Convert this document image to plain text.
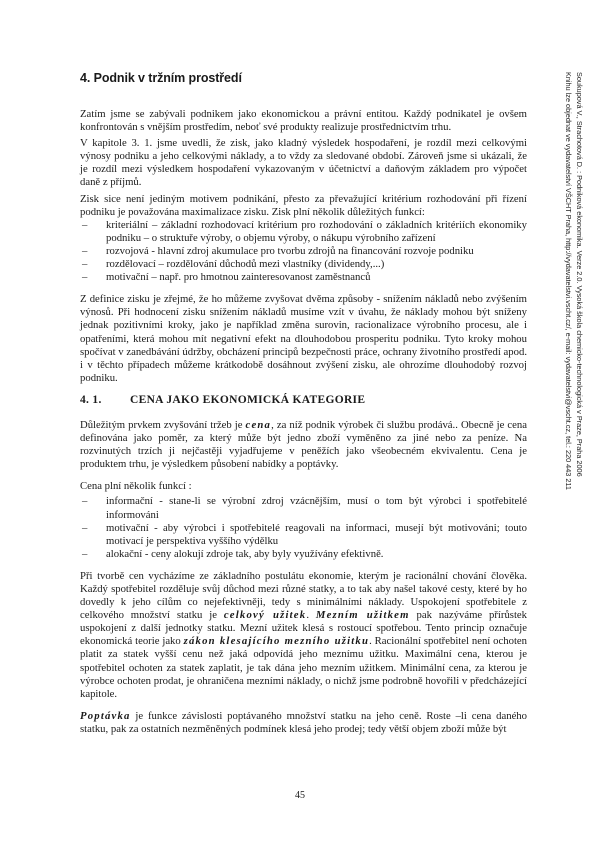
4. Podnik v tržním prostředí

Zatím jsme se zabývali podnikem jako ekonomickou a právní entitou. Každý podnikatel je ovšem konfrontován s vnějším prostředím, neboť své produkty realizuje prostřednictvím trhu.

V kapitole 3. 1. jsme uvedli, že zisk, jako kladný výsledek hospodaření, je rozdíl mezi celkovými výnosy podniku a jeho celkovými náklady, a to vždy za sledované období. Zároveň jsme si ukázali, že je rozdíl mezi výsledkem hospodaření vykazovaným v účetnictví a daňovým základem pro výpočet daně z příjmů.

Zisk sice není jediným motivem podnikání, přesto za převažující kritérium rozhodování při řízení podniku je považována maximalizace zisku. Zisk plní několik důležitých funkcí:

– kriteriální – základní rozhodovací kritérium pro rozhodování o základních kritériích ekonomiky podniku – o struktuře výroby, o objemu výroby, o nákupu výrobního zařízení
– rozvojová - hlavní zdroj akumulace pro tvorbu zdrojů na financování rozvoje podniku
– rozdělovací – rozdělování důchodů mezi vlastníky (dividendy,...)
– motivační – např. pro hmotnou zainteresovanost zaměstnanců

Z definice zisku je zřejmé, že ho můžeme zvyšovat dvěma způsoby - snížením nákladů nebo zvýšením výnosů. Při hodnocení zisku snížením nákladů musíme vzít v úvahu, že náklady mohou být sníženy jednak pozitivními kroky, jako je například změna surovin, racionalizace výrobního procesu, ale i opatřeními, která mohou mít negativní efekt na dlouhodobou prosperitu podniku. Tyto kroky mohou spočívat v zanedbávání údržby, obcházení principů bezpečnosti práce, ochrany životního prostředí apod. i v těchto případech můžeme krátkodobě dosáhnout zvýšení zisku, ale ohrozíme dlouhodobý rozvoj podniku.

4. 1. CENA JAKO EKONOMICKÁ KATEGORIE

Důležitým prvkem zvyšování tržeb je cena, za níž podnik výrobek či službu prodává.. Obecně je cena definována jako poměr, za který může být jedno zboží vyměněno za jiné nebo za peníze. Na rozvinutých trzích ji nejčastěji vyjadřujeme v peněžích jako všeobecném ekvivalentu. Cena je produktem trhu, je výsledkem působení nabídky a poptávky.

Cena plní několik funkcí :

– informační - stane-li se výrobní zdroj vzácnějším, musí o tom být výrobci i spotřebitelé informováni
– motivační - aby výrobci i spotřebitelé reagovali na informaci, musejí být motivováni; touto motivací je perspektiva vyššího výdělku
– alokační - ceny alokují zdroje tak, aby byly využívány efektivně.

Při tvorbě cen vycházíme ze základního postulátu ekonomie, kterým je racionální chování člověka. Každý spotřebitel rozděluje svůj důchod mezi různé statky, a to tak aby našel takové cesty, které by ho dovedly k jeho cílům co nejefektivněji, tedy s minimálními náklady. Uspokojení spotřebitele z celkového množství statku je celkový užitek. Mezním užitkem pak nazýváme přírůstek uspokojení z další jednotky statku. Mezní užitek klesá s rostoucí spotřebou. Tento princip označuje ekonomická teorie jako zákon klesajícího mezního užitku. Racionální spotřebitel není ochoten platit za statek vyšší cenu než jaká odpovídá jeho meznímu užitku. Maximální cena, kterou je spotřebitel ochoten za statek zaplatit, je tak dána jeho mezním užitkem. Minimální cena, za kterou je výrobce ochoten prodat, je ohraničena mezními náklady, o nichž jsme podrobně hovořili v předcházející kapitole.

Poptávka je funkce závislosti poptávaného množství statku na jeho ceně. Roste –li cena daného statku, pak za ostatních nezměněných podmínek klesá jeho prodej; tedy větší objem zboží může být

Soukupová V., Strachotová D. : Podniková ekonomika. Verze 2.0. Vysoká škola chemicko-technologická v Praze, Praha 2006
Knihu lze objednat ve vydavatelství VŠCHT Praha, http://vydavatelstvi.vscht.cz/, e-mail: vydavatelstvi@vscht.cz, tel.: 220 443 211
45
